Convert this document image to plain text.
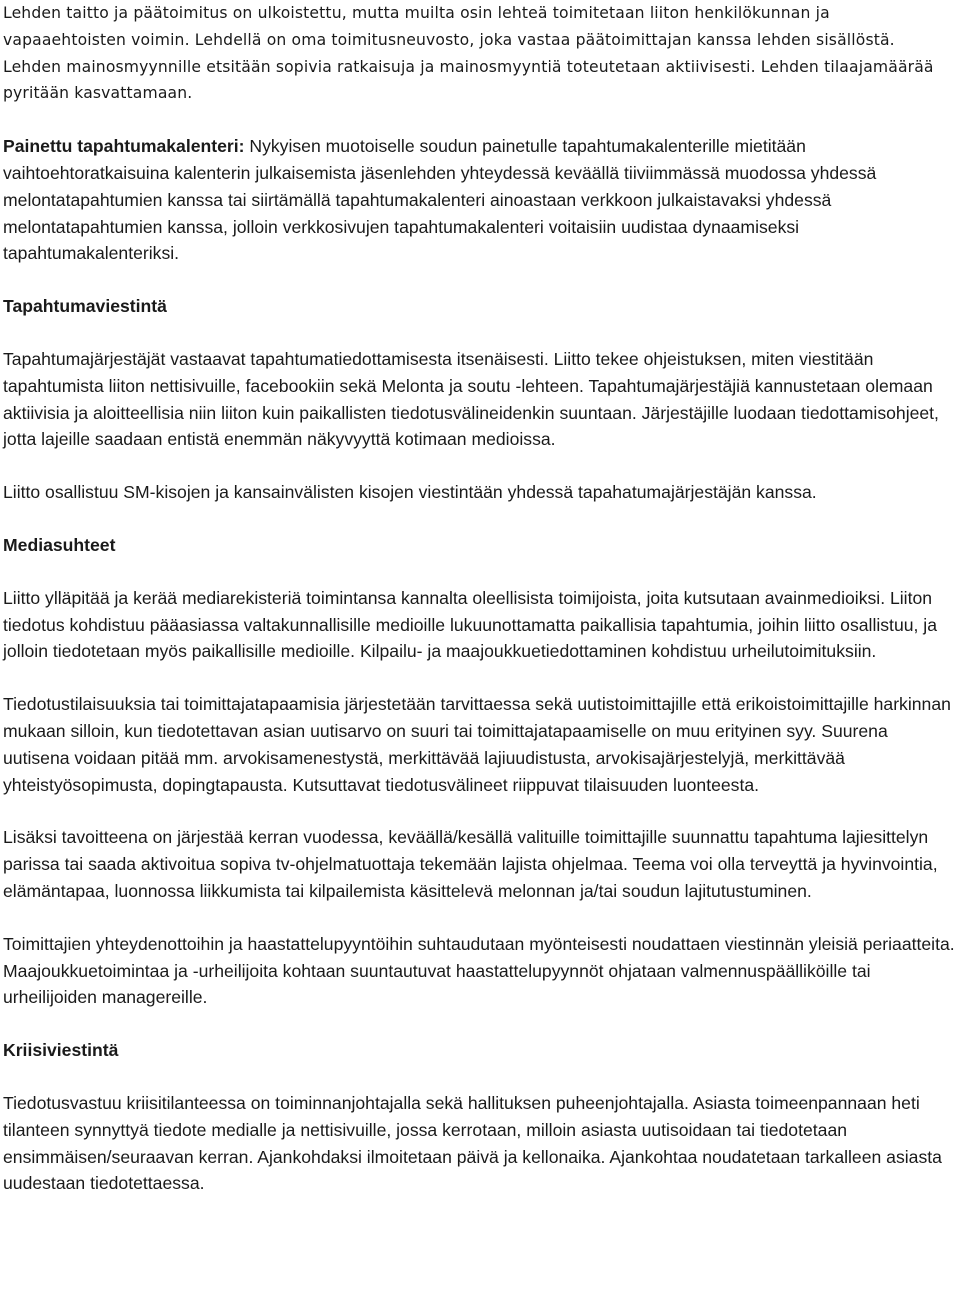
Lehden taitto ja päätoimitus on ulkoistettu, mutta muilta osin lehteä toimitetaan liiton henkilökunnan ja vapaaehtoisten voimin. Lehdellä on oma toimitusneuvosto, joka vastaa päätoimittajan kanssa lehden sisällöstä. Lehden mainosmyynnille etsitään sopivia ratkaisuja ja mainosmyyntiä toteutetaan aktiivisesti. Lehden tilaajamäärää pyritään kasvattamaan.

Painettu tapahtumakalenteri: Nykyisen muotoiselle soudun painetulle tapahtumakalenterille mietitään vaihtoehtoratkaisuina kalenterin julkaisemista jäsenlehden yhteydessä keväällä tiiviimmässä muodossa yhdessä melontatapahtumien kanssa tai siirtämällä tapahtumakalenteri ainoastaan verkkoon julkaistavaksi yhdessä melontatapahtumien kanssa, jolloin verkkosivujen tapahtumakalenteri voitaisiin uudistaa dynaamiseksi tapahtumakalenteriksi.

Tapahtumaviestintä

Tapahtumajärjestäjät vastaavat tapahtumatiedottamisesta itsenäisesti. Liitto tekee ohjeistuksen, miten viestitään tapahtumista liiton nettisivuille, facebookiin sekä Melonta ja soutu -lehteen. Tapahtumajärjestäjiä kannustetaan olemaan aktiivisia ja aloitteellisia niin liiton kuin paikallisten tiedotusvälineidenkin suuntaan. Järjestäjille luodaan tiedottamisohjeet, jotta lajeille saadaan entistä enemmän näkyvyyttä kotimaan medioissa.

Liitto osallistuu SM-kisojen ja kansainvälisten kisojen viestintään yhdessä tapahatumajärjestäjän kanssa.

Mediasuhteet

Liitto ylläpitää ja kerää mediarekisteriä toimintansa kannalta oleellisista toimijoista, joita kutsutaan avainmedioiksi. Liiton tiedotus kohdistuu pääasiassa valtakunnallisille medioille lukuunottamatta paikallisia tapahtumia, joihin liitto osallistuu, ja jolloin tiedotetaan myös paikallisille medioille. Kilpailu- ja maajoukkuetiedottaminen kohdistuu urheilutoimituksiin.

Tiedotustilaisuuksia tai toimittajatapaamisia järjestetään tarvittaessa sekä uutistoimittajille että erikoistoimittajille harkinnan mukaan silloin, kun tiedotettavan asian uutisarvo on suuri tai toimittajatapaamiselle on muu erityinen syy. Suurena uutisena voidaan pitää mm. arvokisamenestystä, merkittävää lajiuudistusta, arvokisajärjestelyjä, merkittävää yhteistyösopimusta, dopingtapausta. Kutsuttavat tiedotusvälineet riippuvat tilaisuuden luonteesta.

Lisäksi tavoitteena on järjestää kerran vuodessa, keväällä/kesällä valituille toimittajille suunnattu tapahtuma lajiesittelyn parissa tai saada aktivoitua sopiva tv-ohjelmatuottaja tekemään lajista ohjelmaa. Teema voi olla terveyttä ja hyvinvointia, elämäntapaa, luonnossa liikkumista tai kilpailemista käsittelevä melonnan ja/tai soudun lajitutustuminen.

Toimittajien yhteydenottoihin ja haastattelupyyntöihin suhtaudutaan myönteisesti noudattaen viestinnän yleisiä periaatteita. Maajoukkuetoimintaa ja -urheilijoita kohtaan suuntautuvat haastattelupyynnöt ohjataan valmennuspäälliköille tai urheilijoiden managereille.

Kriisiviestintä

Tiedotusvastuu kriisitilanteessa on toiminnanjohtajalla sekä hallituksen puheenjohtajalla. Asiasta toimeenpannaan heti tilanteen synnyttyä tiedote medialle ja nettisivuille, jossa kerrotaan, milloin asiasta uutisoidaan tai tiedotetaan ensimmäisen/seuraavan kerran. Ajankohdaksi ilmoitetaan päivä ja kellonaika. Ajankohtaa noudatetaan tarkalleen asiasta uudestaan tiedotettaessa.
